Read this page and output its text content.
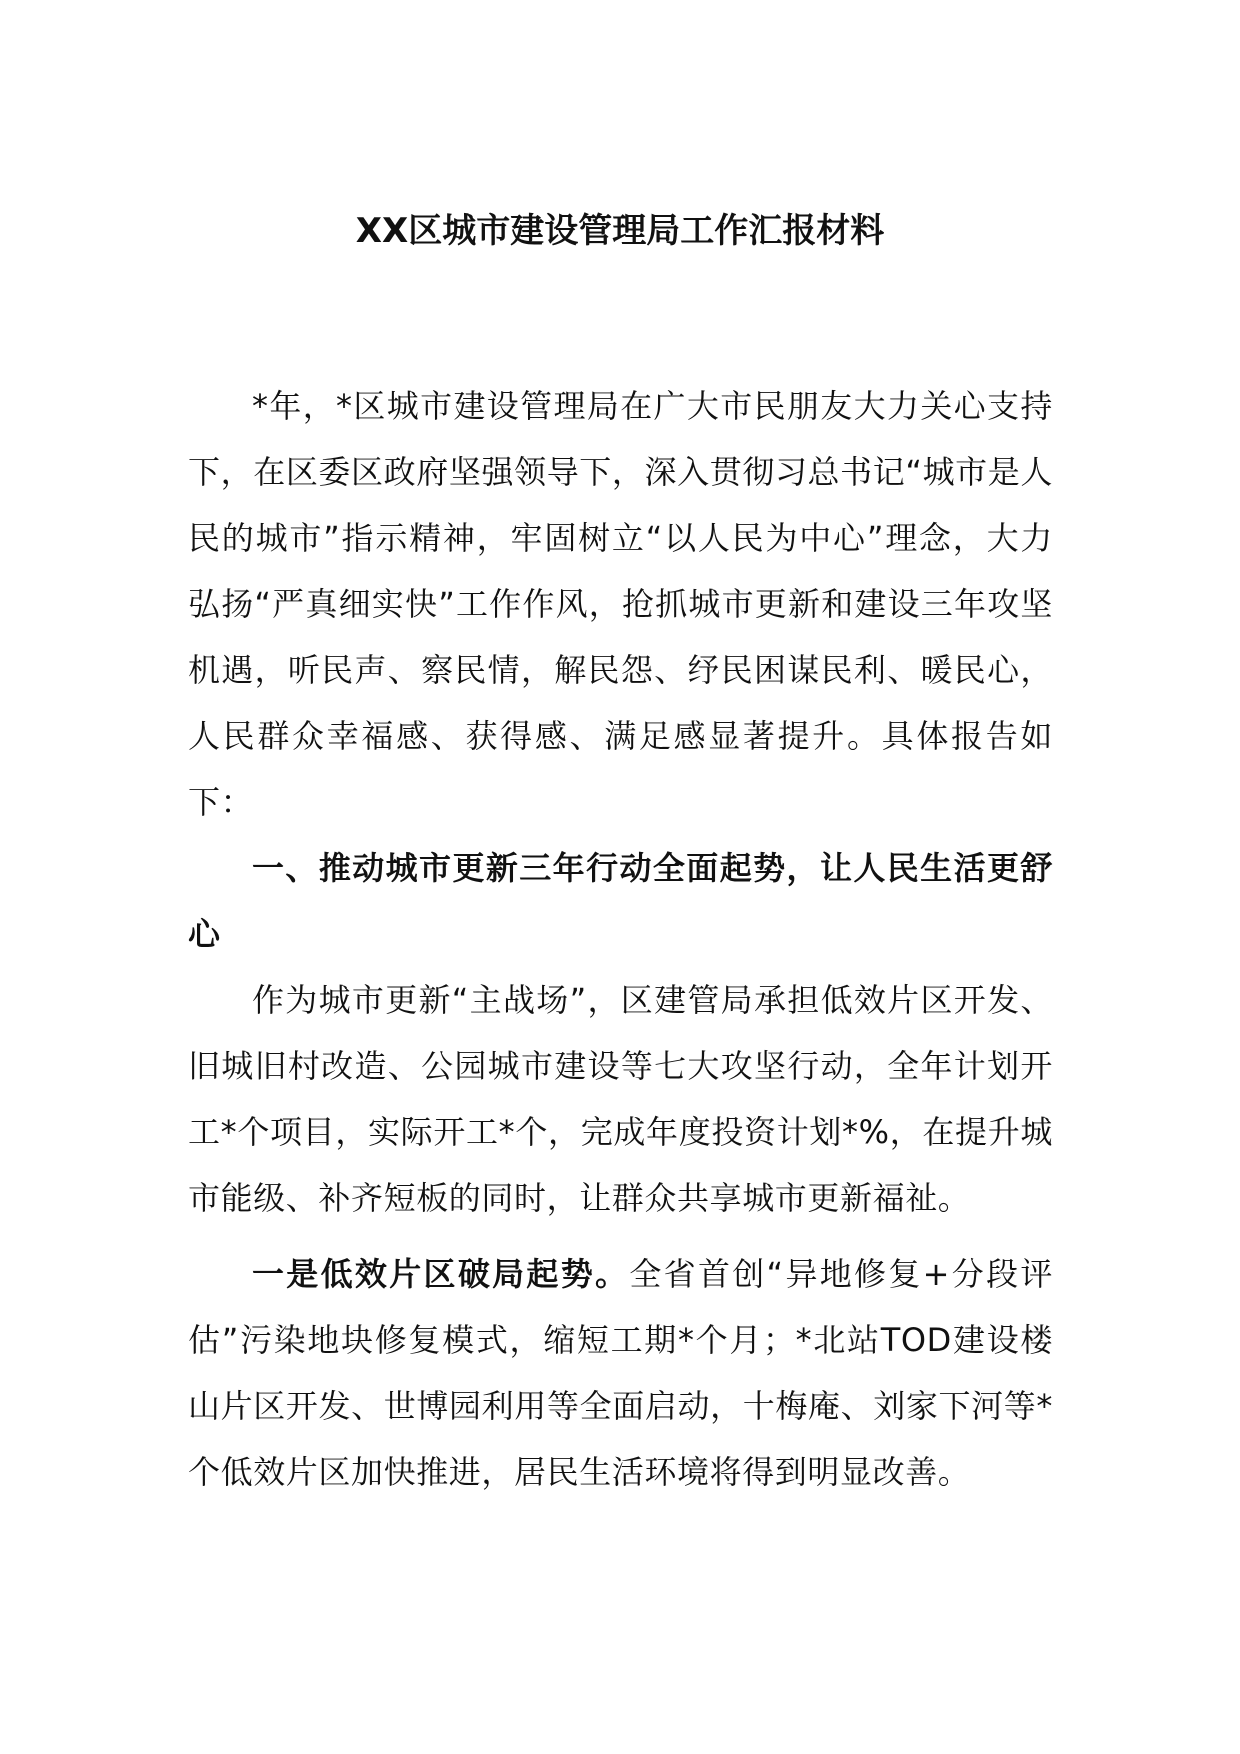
XX区城市建设管理局工作汇报材料

*年，*区城市建设管理局在广大市民朋友大力关心支持下，在区委区政府坚强领导下，深入贯彻习总书记“城市是人民的城市”指示精神，牢固树立“以人民为中心”理念，大力弘扬“严真细实快”工作作风，抢抓城市更新和建设三年攻坚机遇，听民声、察民情，解民怨、纾民困谋民利、暖民心，人民群众幸福感、获得感、满足感显著提升。具体报告如下：

一、推动城市更新三年行动全面起势，让人民生活更舒心

作为城市更新“主战场”，区建管局承担低效片区开发、旧城旧村改造、公园城市建设等七大攻坚行动，全年计划开工*个项目，实际开工*个，完成年度投资计划*%，在提升城市能级、补齐短板的同时，让群众共享城市更新福祉。

一是低效片区破局起势。全省首创“异地修复+分段评估”污染地块修复模式，缩短工期*个月；*北站TOD建设楼山片区开发、世博园利用等全面启动，十梅庵、刘家下河等*个低效片区加快推进，居民生活环境将得到明显改善。
